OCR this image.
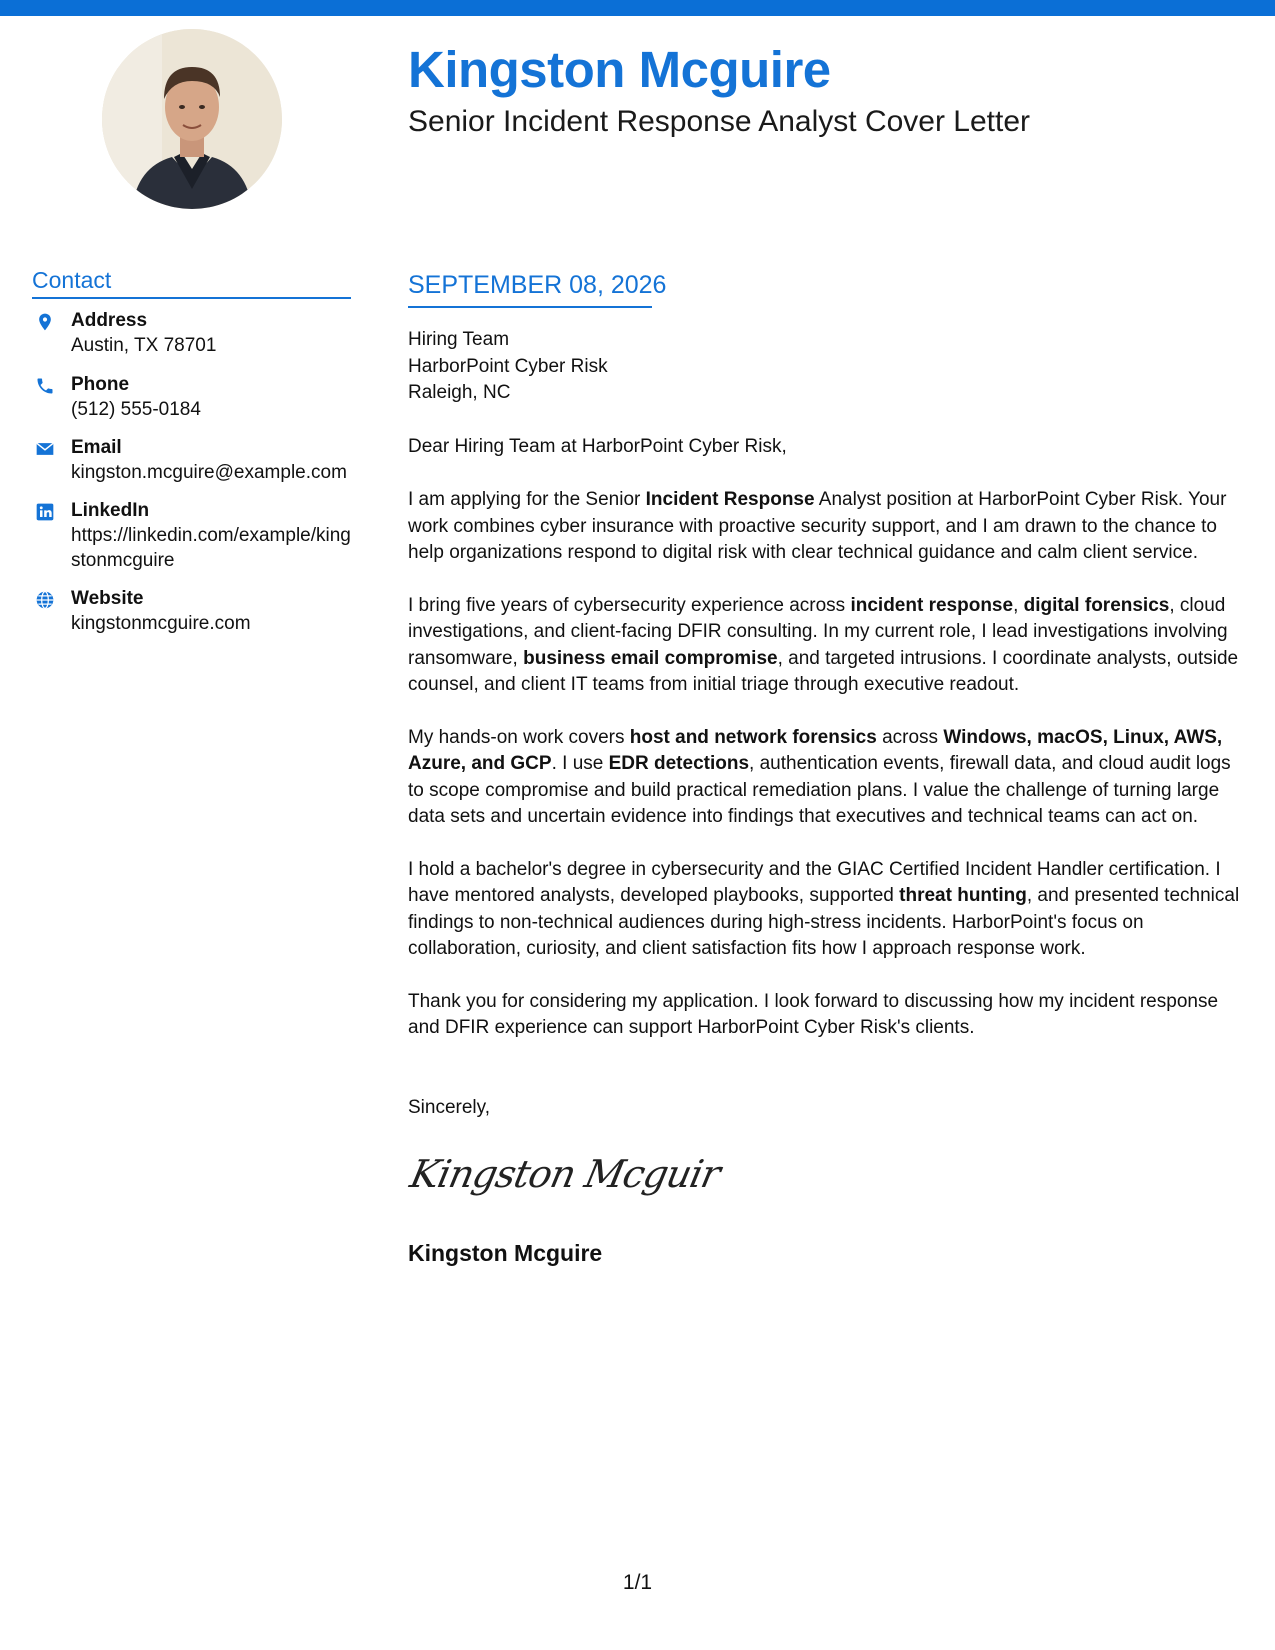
Kingston Mcguire
Senior Incident Response Analyst Cover Letter
Contact
Address
Austin, TX 78701
Phone
(512) 555-0184
Email
kingston.mcguire@example.com
LinkedIn
https://linkedin.com/example/kingstonmcguire
Website
kingstonmcguire.com
SEPTEMBER 08, 2026

Hiring Team
HarborPoint Cyber Risk
Raleigh, NC

Dear Hiring Team at HarborPoint Cyber Risk,

I am applying for the Senior Incident Response Analyst position at HarborPoint Cyber Risk. Your work combines cyber insurance with proactive security support, and I am drawn to the chance to help organizations respond to digital risk with clear technical guidance and calm client service.

I bring five years of cybersecurity experience across incident response, digital forensics, cloud investigations, and client-facing DFIR consulting. In my current role, I lead investigations involving ransomware, business email compromise, and targeted intrusions. I coordinate analysts, outside counsel, and client IT teams from initial triage through executive readout.

My hands-on work covers host and network forensics across Windows, macOS, Linux, AWS, Azure, and GCP. I use EDR detections, authentication events, firewall data, and cloud audit logs to scope compromise and build practical remediation plans. I value the challenge of turning large data sets and uncertain evidence into findings that executives and technical teams can act on.

I hold a bachelor's degree in cybersecurity and the GIAC Certified Incident Handler certification. I have mentored analysts, developed playbooks, supported threat hunting, and presented technical findings to non-technical audiences during high-stress incidents. HarborPoint's focus on collaboration, curiosity, and client satisfaction fits how I approach response work.

Thank you for considering my application. I look forward to discussing how my incident response and DFIR experience can support HarborPoint Cyber Risk's clients.

Sincerely,
Kingston Mcguir
Kingston Mcguire
1/1
